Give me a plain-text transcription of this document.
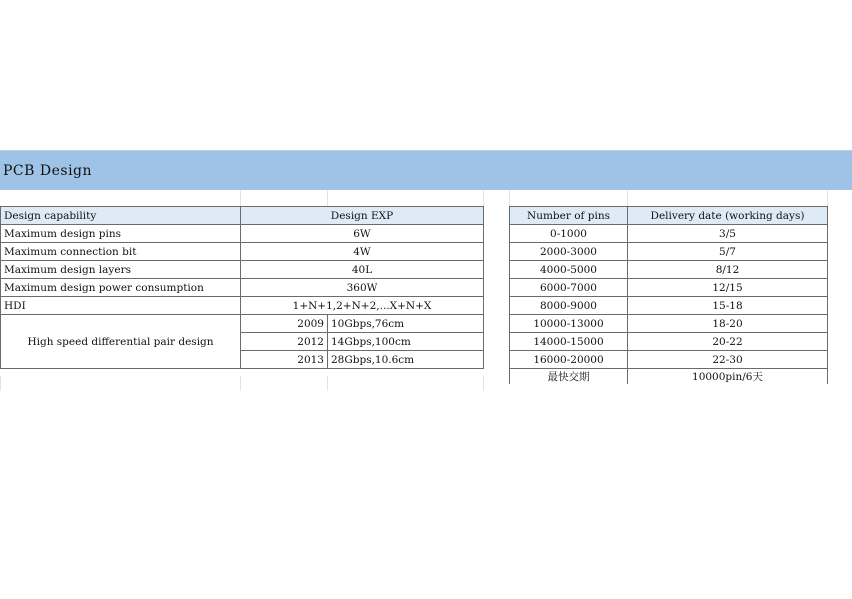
PCB Design
Design capability	Design EXP	
Maximum design pins	6W	
Maximum connection bit	4W	
Maximum design layers	40L	
Maximum design power consumption	360W	
HDI	1+N+1,2+N+2,...X+N+X	
High speed differential pair design	2009	10Gbps,76cm
	2012	14Gbps,100cm
	2013	28Gbps,10.6cm
Number of pins	Delivery date (working days)
0-1000	3/5
2000-3000	5/7
4000-5000	8/12
6000-7000	12/15
8000-9000	15-18
10000-13000	18-20
14000-15000	20-22
16000-20000	22-30
最快交期	10000pin/6天
